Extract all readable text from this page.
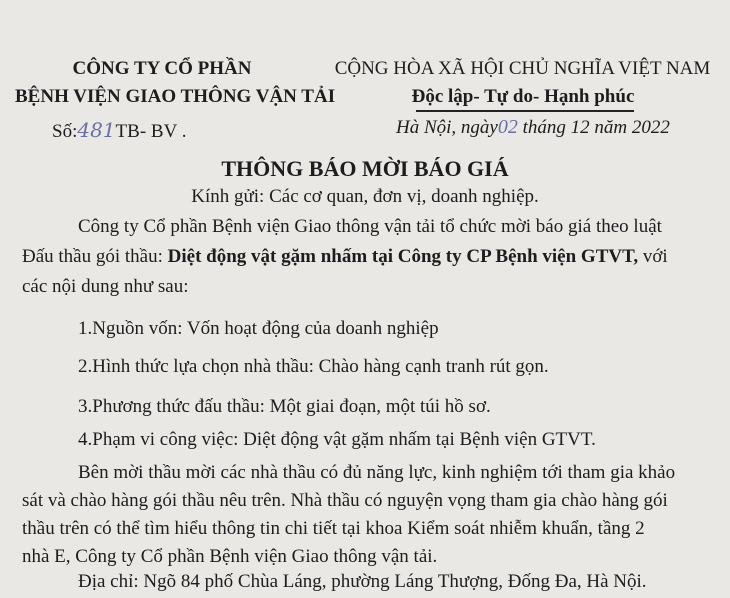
CÔNG TY CỔ PHẦN
BỆNH VIỆN GIAO THÔNG VẬN TẢI
CỘNG HÒA XÃ HỘI CHỦ NGHĨA VIỆT NAM
Độc lập- Tự do- Hạnh phúc
Số:481TB- BV .	Hà Nội, ngày02 tháng 12 năm 2022
THÔNG BÁO MỜI BÁO GIÁ
Kính gửi: Các cơ quan, đơn vị, doanh nghiệp.
Công ty Cổ phần Bệnh viện Giao thông vận tải tổ chức mời báo giá theo luật
Đấu thầu gói thầu: Diệt động vật gặm nhấm tại Công ty CP Bệnh viện GTVT, với
các nội dung như sau:
1.Nguồn vốn: Vốn hoạt động của doanh nghiệp
2.Hình thức lựa chọn nhà thầu: Chào hàng cạnh tranh rút gọn.
3.Phương thức đấu thầu: Một giai đoạn, một túi hồ sơ.
4.Phạm vi công việc: Diệt động vật gặm nhấm tại Bệnh viện GTVT.
Bên mời thầu mời các nhà thầu có đủ năng lực, kinh nghiệm tới tham gia khảo
sát và chào hàng gói thầu nêu trên. Nhà thầu có nguyện vọng tham gia chào hàng gói
thầu trên có thể tìm hiểu thông tin chi tiết tại khoa Kiểm soát nhiễm khuẩn, tầng 2
nhà E, Công ty Cổ phần Bệnh viện Giao thông vận tải.
Địa chỉ: Ngõ 84 phố Chùa Láng, phường Láng Thượng, Đống Đa, Hà Nội.
